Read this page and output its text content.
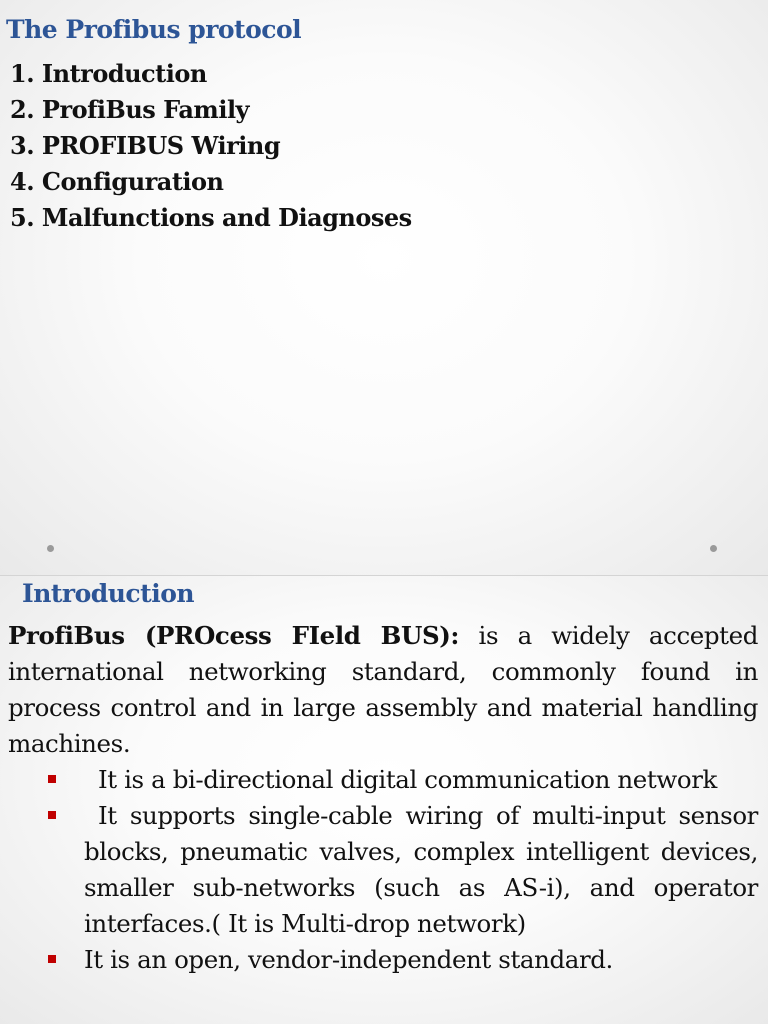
The Profibus protocol
1. Introduction
2. ProfiBus Family
3. PROFIBUS Wiring
4. Configuration
5. Malfunctions and Diagnoses
Introduction

ProfiBus (PROcess FIeld BUS): is a widely accepted international networking standard, commonly found in process control and in large assembly and material handling machines.

It is a bi-directional digital communication network
It supports single-cable wiring of multi-input sensor blocks, pneumatic valves, complex intelligent devices, smaller sub-networks (such as AS-i), and operator interfaces.( It is Multi-drop network)
It is an open, vendor-independent standard.
